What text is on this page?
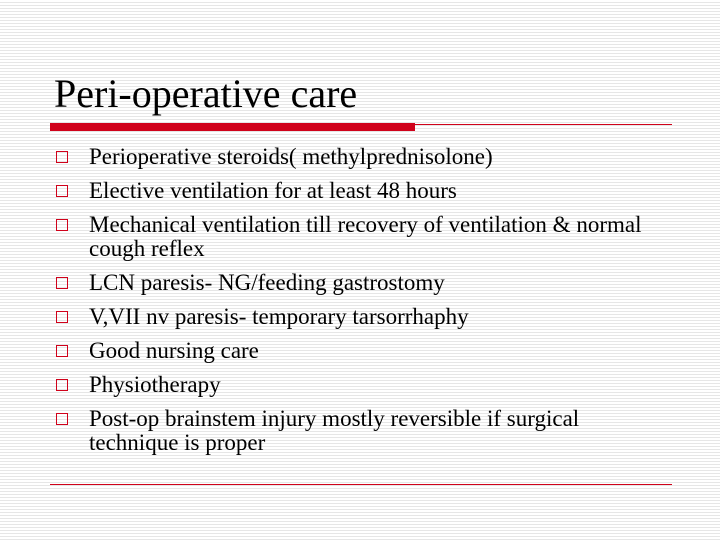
Peri-operative care
Perioperative steroids( methylprednisolone)
Elective ventilation for at least 48 hours
Mechanical ventilation till recovery of ventilation & normal cough reflex
LCN paresis- NG/feeding gastrostomy
V,VII nv paresis- temporary tarsorrhaphy
Good nursing care
Physiotherapy
Post-op brainstem injury mostly reversible if surgical technique is proper
